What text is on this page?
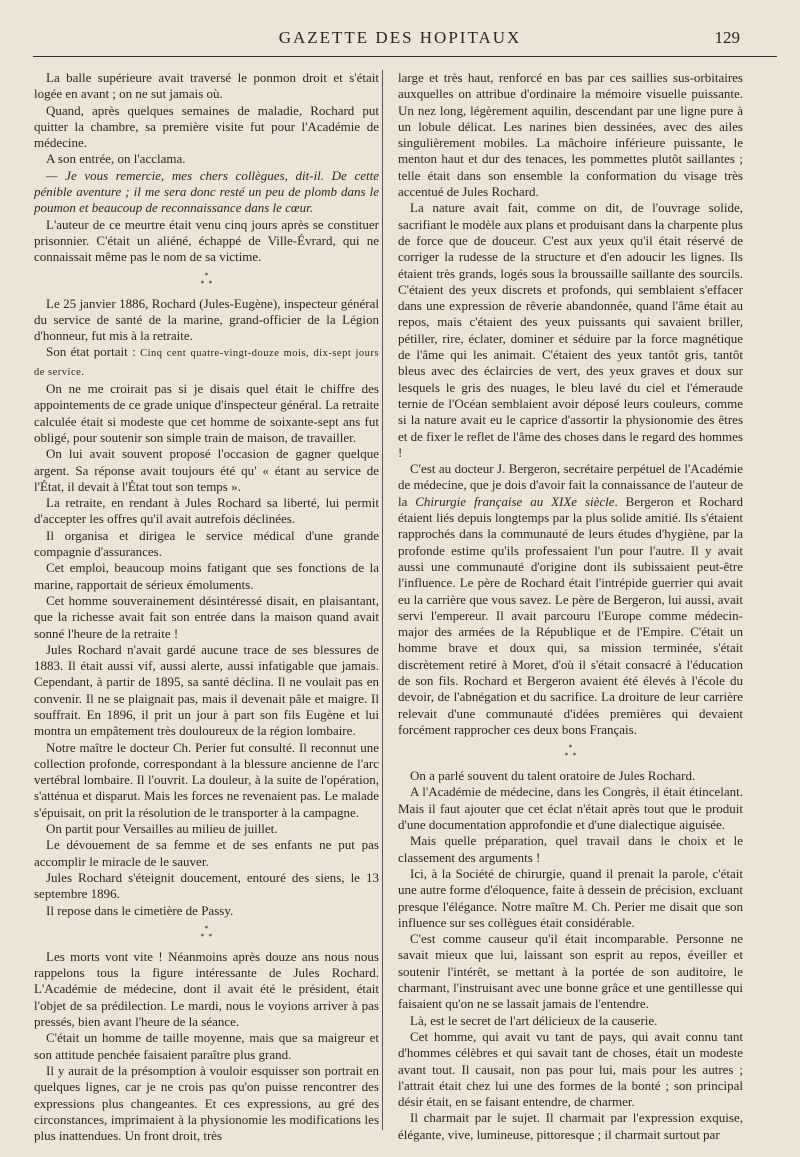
GAZETTE DES HOPITAUX	129

La balle supérieure avait traversé le ponmon droit et s'était logée en avant ; on ne sut jamais où.

Quand, après quelques semaines de maladie, Rochard put quitter la chambre, sa première visite fut pour l'Académie de médecine.

A son entrée, on l'acclama.

— Je vous remercie, mes chers collègues, dit-il. De cette pénible aventure ; il me sera donc resté un peu de plomb dans le poumon et beaucoup de reconnaissance dans le cœur.

L'auteur de ce meurtre était venu cinq jours après se constituer prisonnier. C'était un aliéné, échappé de Ville-Évrard, qui ne connaissait même pas le nom de sa victime.

*
*  *

Le 25 janvier 1886, Rochard (Jules-Eugène), inspecteur général du service de santé de la marine, grand-officier de la Légion d'honneur, fut mis à la retraite.

Son état portait : Cinq cent quatre-vingt-douze mois, dix-sept jours de service.

On ne me croirait pas si je disais quel était le chiffre des appointements de ce grade unique d'inspecteur général. La retraite calculée était si modeste que cet homme de soixante-sept ans fut obligé, pour soutenir son simple train de maison, de travailler.

On lui avait souvent proposé l'occasion de gagner quelque argent. Sa réponse avait toujours été qu' « étant au service de l'État, il devait à l'État tout son temps ».

La retraite, en rendant à Jules Rochard sa liberté, lui permit d'accepter les offres qu'il avait autrefois déclinées.

Il organisa et dirigea le service médical d'une grande compagnie d'assurances.

Cet emploi, beaucoup moins fatigant que ses fonctions de la marine, rapportait de sérieux émoluments.

Cet homme souverainement désintéressé disait, en plaisantant, que la richesse avait fait son entrée dans la maison quand avait sonné l'heure de la retraite !

Jules Rochard n'avait gardé aucune trace de ses blessures de 1883. Il était aussi vif, aussi alerte, aussi infatigable que jamais. Cependant, à partir de 1895, sa santé déclina. Il ne voulait pas en convenir. Il ne se plaignait pas, mais il devenait pâle et maigre. Il souffrait. En 1896, il prit un jour à part son fils Eugène et lui montra un empâtement très douloureux de la région lombaire.

Notre maître le docteur Ch. Perier fut consulté. Il reconnut une collection profonde, correspondant à la blessure ancienne de l'arc vertébral lombaire. Il l'ouvrit. La douleur, à la suite de l'opération, s'atténua et disparut. Mais les forces ne revenaient pas. Le malade s'épuisait, on prit la résolution de le transporter à la campagne.

On partit pour Versailles au milieu de juillet.

Le dévouement de sa femme et de ses enfants ne put pas accomplir le miracle de le sauver.

Jules Rochard s'éteignit doucement, entouré des siens, le 13 septembre 1896.

Il repose dans le cimetière de Passy.

*
*  *

Les morts vont vite ! Néanmoins après douze ans nous nous rappelons tous la figure intéressante de Jules Rochard. L'Académie de médecine, dont il avait été le président, était l'objet de sa prédilection. Le mardi, nous le voyions arriver à pas pressés, bien avant l'heure de la séance.

C'était un homme de taille moyenne, mais que sa maigreur et son attitude penchée faisaient paraître plus grand.

Il y aurait de la présomption à vouloir esquisser son portrait en quelques lignes, car je ne crois pas qu'on puisse rencontrer des expressions plus changeantes. Et ces expressions, au gré des circonstances, imprimaient à la physionomie les modifications les plus inattendues. Un front droit, très

large et très haut, renforcé en bas par ces saillies sus-orbitaires auxquelles on attribue d'ordinaire la mémoire visuelle puissante. Un nez long, légèrement aquilin, descendant par une ligne pure à un lobule délicat. Les narines bien dessinées, avec des ailes singulièrement mobiles. La mâchoire inférieure puissante, le menton haut et dur des tenaces, les pommettes plutôt saillantes ; telle était dans son ensemble la conformation du visage très accentué de Jules Rochard.

La nature avait fait, comme on dit, de l'ouvrage solide, sacrifiant le modèle aux plans et produisant dans la charpente plus de force que de douceur. C'est aux yeux qu'il était réservé de corriger la rudesse de la structure et d'en adoucir les lignes. Ils étaient très grands, logés sous la broussaille saillante des sourcils. C'étaient des yeux discrets et profonds, qui semblaient s'effacer dans une expression de rêverie abandonnée, quand l'âme était au repos, mais c'étaient des yeux puissants qui savaient briller, pétiller, rire, éclater, dominer et séduire par la force magnétique de l'âme qui les animait. C'étaient des yeux tantôt gris, tantôt bleus avec des éclaircies de vert, des yeux graves et doux sur lesquels le gris des nuages, le bleu lavé du ciel et l'émeraude ternie de l'Océan semblaient avoir déposé leurs couleurs, comme si la nature avait eu le caprice d'assortir la physionomie des êtres et de fixer le reflet de l'âme des choses dans le regard des hommes !

C'est au docteur J. Bergeron, secrétaire perpétuel de l'Académie de médecine, que je dois d'avoir fait la connaissance de l'auteur de la Chirurgie française au XIXe siècle. Bergeron et Rochard étaient liés depuis longtemps par la plus solide amitié. Ils s'étaient rapprochés dans la communauté de leurs études d'hygiène, par la profonde estime qu'ils professaient l'un pour l'autre. Il y avait aussi une communauté d'origine dont ils subissaient peut-être l'influence. Le père de Rochard était l'intrépide guerrier qui avait eu la carrière que vous savez. Le père de Bergeron, lui aussi, avait servi l'empereur. Il avait parcouru l'Europe comme médecin-major des armées de la République et de l'Empire. C'était un homme brave et doux qui, sa mission terminée, s'était discrètement retiré à Moret, d'où il s'était consacré à l'éducation de son fils. Rochard et Bergeron avaient été élevés à l'école du devoir, de l'abnégation et du sacrifice. La droiture de leur carrière relevait d'une communauté d'idées premières qui devaient forcément rapprocher ces deux bons Français.

*
*  *

On a parlé souvent du talent oratoire de Jules Rochard.

A l'Académie de médecine, dans les Congrès, il était étincelant. Mais il faut ajouter que cet éclat n'était après tout que le produit d'une documentation approfondie et d'une dialectique aiguisée.

Mais quelle préparation, quel travail dans le choix et le classement des arguments !

Ici, à la Société de chirurgie, quand il prenait la parole, c'était une autre forme d'éloquence, faite à dessein de précision, excluant presque l'élégance. Notre maître M. Ch. Perier me disait que son influence sur ses collègues était considérable.

C'est comme causeur qu'il était incomparable. Personne ne savait mieux que lui, laissant son esprit au repos, éveiller et soutenir l'intérêt, se mettant à la portée de son auditoire, le charmant, l'instruisant avec une bonne grâce et une gentillesse qui faisaient qu'on ne se lassait jamais de l'entendre.

Là, est le secret de l'art délicieux de la causerie.

Cet homme, qui avait vu tant de pays, qui avait connu tant d'hommes célèbres et qui savait tant de choses, était un modeste avant tout. Il causait, non pas pour lui, mais pour les autres ; l'attrait était chez lui une des formes de la bonté ; son principal désir était, en se faisant entendre, de charmer.

Il charmait par le sujet. Il charmait par l'expression exquise, élégante, vive, lumineuse, pittoresque ; il charmait surtout par
